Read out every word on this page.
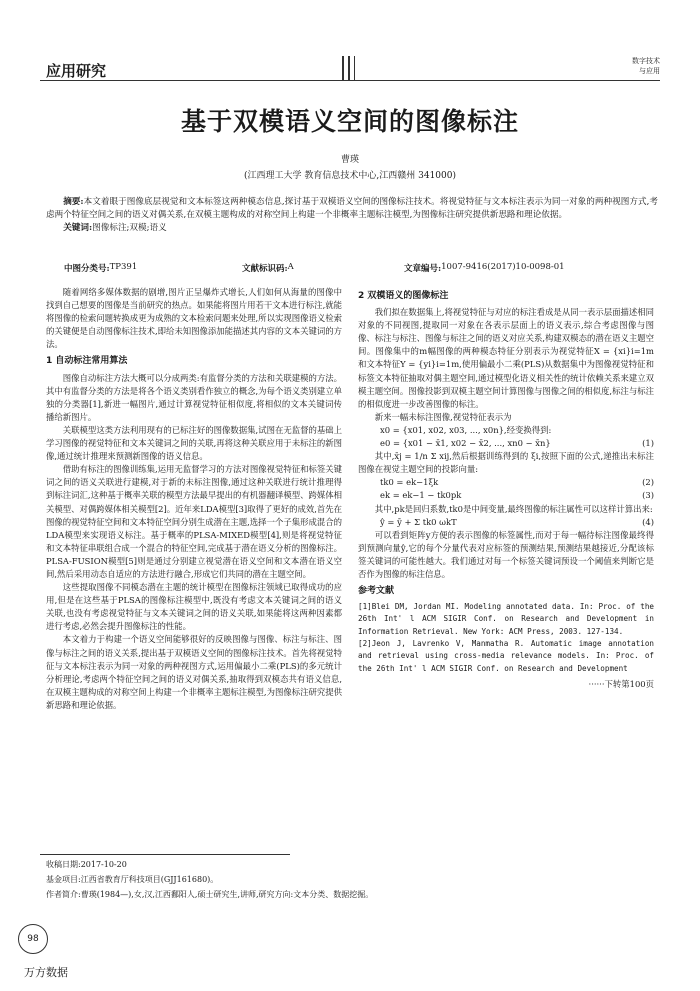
应用研究
数字技术
与应用
基于双模语义空间的图像标注
曹瑛
(江西理工大学 教育信息技术中心,江西赣州 341000)
摘要:本文着眼于图像底层视觉和文本标签这两种模态信息,探讨基于双模语义空间的图像标注技术。将视觉特征与文本标注表示为同一对象的两种视图方式,考虑两个特征空间之间的语义对偶关系,在双模主题构成的对称空间上构建一个非概率主题标注模型,为图像标注研究提供新思路和理论依据。
关键词:图像标注;双模;语义
中图分类号: TP391	文献标识码: A	文章编号: 1007-9416(2017)10-0098-01

随着网络多媒体数据的剧增,图片正呈爆炸式增长,人们如何从海量的图像中找到自己想要的图像是当前研究的热点。如果能将图片用若干文本进行标注,就能将图像的检索问题转换成更为成熟的文本检索问题来处理,所以实现图像语义检索的关键便是自动图像标注技术,即给未知图像添加能描述其内容的文本关键词的方法。

1 自动标注常用算法

图像自动标注方法大概可以分成两类:有监督分类的方法和关联建模的方法。其中有监督分类的方法是将各个语义类别看作独立的概念,为每个语义类别建立单独的分类器[1],新进一幅图片,通过计算视觉特征相似度,将相似的文本关键词传播给新图片。

关联模型这类方法利用现有的已标注好的图像数据集,试图在无监督的基础上学习图像的视觉特征和文本关键词之间的关联,再将这种关联应用于未标注的新图像,通过统计推理来预测新图像的语义信息。

借助有标注的图像训练集,运用无监督学习的方法对图像视觉特征和标签关键词之间的语义关联进行建模,对于新的未标注图像,通过这种关联进行统计推理得到标注词汇,这种基于概率关联的模型方法最早提出的有机器翻译模型、跨媒体相关模型、对偶跨媒体相关模型[2]。近年来LDA模型[3]取得了更好的成效,首先在图像的视觉特征空间和文本特征空间分别生成潜在主题,选择一个子集形成混合的LDA模型来实现语义标注。基于概率的PLSA-MIXED模型[4],则是将视觉特征和文本特征串联组合成一个混合的特征空间,完成基于潜在语义分析的图像标注。PLSA-FUSION模型[5]则是通过分别建立视觉潜在语义空间和文本潜在语义空间,然后采用动态自适应的方法进行融合,形成它们共同的潜在主题空间。

这些提取图像不同模态潜在主题的统计模型在图像标注领域已取得成功的应用,但是在这些基于PLSA的图像标注模型中,既没有考虑文本关键词之间的语义关联,也没有考虑视觉特征与文本关键词之间的语义关联,如果能将这两种因素都进行考虑,必然会提升图像标注的性能。

本文着力于构建一个语义空间能够很好的反映图像与图像、标注与标注、图像与标注之间的语义关系,提出基于双模语义空间的图像标注技术。首先将视觉特征与文本标注表示为同一对象的两种视图方式,运用偏最小二乘(PLS)的多元统计分析理论,考虑两个特征空间之间的语义对偶关系,抽取得到双模态共有语义信息,在双模主题构成的对称空间上构建一个非概率主题标注模型,为图像标注研究提供新思路和理论依据。

2 双模语义的图像标注

我们拟在数据集上,将视觉特征与对应的标注看成是从同一表示层面描述相同对象的不同视图,提取同一对象在各表示层面上的语义表示,综合考虑图像与图像、标注与标注、图像与标注之间的语义对应关系,构建双模态的潜在语义主题空间。图像集中的m幅图像的两种模态特征分别表示为视觉特征X = {xi}i=1m 和文本特征Y = {yi}i=1m,使用偏最小二乘(PLS)从数据集中为图像视觉特征和标签文本特征抽取对偶主题空间,通过模型化语义相关性的统计依赖关系来建立双模主题空间。图像投影到双模主题空间计算图像与图像之间的相似度,标注与标注的相似度进一步改善图像的标注。

新来一幅未标注图像,视觉特征表示为

x0 = {x01, x02, x03, ..., x0n},经变换得到:

e0 = {x01 − x̄1, x02 − x̄2, ..., xn0 − x̄n}	(1)

其中,x̄j = 1/n Σ xij,然后根据训练得到的 ξi,按照下面的公式,递推出未标注图像在视觉主题空间的投影向量:

tk0 = ek−1ξk	(2)

ek = ek−1 − tk0pk	(3)

其中,pk是回归系数,tk0是中间变量,最终图像的标注属性可以这样计算出来:

ŷ = ȳ + Σ tk0 ωkT	(4)

可以看到矩阵y方便的表示图像的标签属性,而对于每一幅待标注图像最终得到预测向量ŷ,它的每个分量代表对应标签的预测结果,预测结果越接近,分配该标签关键词的可能性越大。我们通过对每一个标签关键词预设一个阈值来判断它是否作为图像的标注信息。

参考文献

[1]Blei DM, Jordan MI. Modeling annotated data. In: Proc. of the 26th Int' l ACM SIGIR Conf. on Research and Development in Information Retrieval. New York: ACM Press, 2003. 127-134.

[2]Jeon J, Lavrenko V, Manmatha R. Automatic image annotation and retrieval using cross-media relevance models. In: Proc. of the 26th Int' l ACM SIGIR Conf. on Research and Development

······下转第100页

收稿日期:2017-10-20
基金项目:江西省教育厅科技项目(GJJ161680)。
作者简介:曹瑛(1984—),女,汉,江西鄱阳人,硕士研究生,讲师,研究方向:文本分类、数据挖掘。
98
万方数据
